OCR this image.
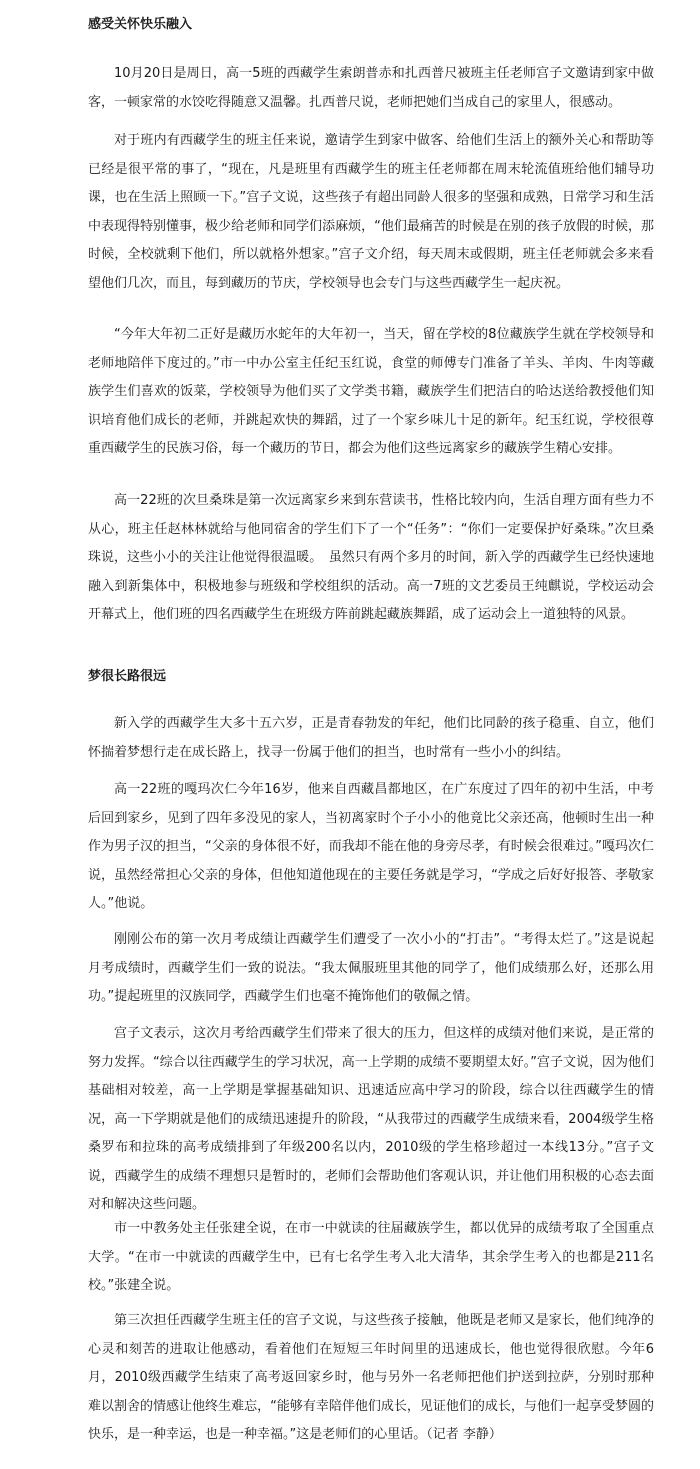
感受关怀快乐融入

10月20日是周日，高一5班的西藏学生索朗普赤和扎西普尺被班主任老师宫子文邀请到家中做客，一顿家常的水饺吃得随意又温馨。扎西普尺说，老师把她们当成自己的家里人，很感动。

对于班内有西藏学生的班主任来说，邀请学生到家中做客、给他们生活上的额外关心和帮助等已经是很平常的事了，“现在，凡是班里有西藏学生的班主任老师都在周末轮流值班给他们辅导功课，也在生活上照顾一下。”宫子文说，这些孩子有超出同龄人很多的坚强和成熟，日常学习和生活中表现得特别懂事，极少给老师和同学们添麻烦，“他们最痛苦的时候是在别的孩子放假的时候，那时候，全校就剩下他们，所以就格外想家。”宫子文介绍，每天周末或假期，班主任老师就会多来看望他们几次，而且，每到藏历的节庆，学校领导也会专门与这些西藏学生一起庆祝。

“今年大年初二正好是藏历水蛇年的大年初一，当天，留在学校的8位藏族学生就在学校领导和老师地陪伴下度过的。”市一中办公室主任纪玉红说，食堂的师傅专门准备了羊头、羊肉、牛肉等藏族学生们喜欢的饭菜，学校领导为他们买了文学类书籍，藏族学生们把洁白的哈达送给教授他们知识培育他们成长的老师，并跳起欢快的舞蹈，过了一个家乡味儿十足的新年。纪玉红说，学校很尊重西藏学生的民族习俗，每一个藏历的节日，都会为他们这些远离家乡的藏族学生精心安排。

高一22班的次旦桑珠是第一次远离家乡来到东营读书，性格比较内向，生活自理方面有些力不从心，班主任赵林林就给与他同宿舍的学生们下了一个“任务”：“你们一定要保护好桑珠。”次旦桑珠说，这些小小的关注让他觉得很温暖。　虽然只有两个多月的时间，新入学的西藏学生已经快速地融入到新集体中，积极地参与班级和学校组织的活动。高一7班的文艺委员王纯麒说，学校运动会开幕式上，他们班的四名西藏学生在班级方阵前跳起藏族舞蹈，成了运动会上一道独特的风景。

梦很长路很远

新入学的西藏学生大多十五六岁，正是青春勃发的年纪，他们比同龄的孩子稳重、自立，他们怀揣着梦想行走在成长路上，找寻一份属于他们的担当，也时常有一些小小的纠结。

高一22班的嘎玛次仁今年16岁，他来自西藏昌都地区，在广东度过了四年的初中生活，中考后回到家乡，见到了四年多没见的家人，当初离家时个子小小的他竟比父亲还高，他顿时生出一种作为男子汉的担当，“父亲的身体很不好，而我却不能在他的身旁尽孝，有时候会很难过。”嘎玛次仁说，虽然经常担心父亲的身体，但他知道他现在的主要任务就是学习，“学成之后好好报答、孝敬家人。”他说。

刚刚公布的第一次月考成绩让西藏学生们遭受了一次小小的“打击”。“考得太烂了。”这是说起月考成绩时，西藏学生们一致的说法。“我太佩服班里其他的同学了，他们成绩那么好，还那么用功。”提起班里的汉族同学，西藏学生们也毫不掩饰他们的敬佩之情。

宫子文表示，这次月考给西藏学生们带来了很大的压力，但这样的成绩对他们来说，是正常的努力发挥。“综合以往西藏学生的学习状况，高一上学期的成绩不要期望太好。”宫子文说，因为他们基础相对较差，高一上学期是掌握基础知识、迅速适应高中学习的阶段，综合以往西藏学生的情况，高一下学期就是他们的成绩迅速提升的阶段，“从我带过的西藏学生成绩来看，2004级学生格桑罗布和拉珠的高考成绩排到了年级200名以内，2010级的学生格珍超过一本线13分。”宫子文说，西藏学生的成绩不理想只是暂时的，老师们会帮助他们客观认识，并让他们用积极的心态去面对和解决这些问题。

市一中教务处主任张建全说，在市一中就读的往届藏族学生，都以优异的成绩考取了全国重点大学。“在市一中就读的西藏学生中，已有七名学生考入北大清华，其余学生考入的也都是211名校。”张建全说。

第三次担任西藏学生班主任的宫子文说，与这些孩子接触，他既是老师又是家长，他们纯净的心灵和刻苦的进取让他感动，看着他们在短短三年时间里的迅速成长，他也觉得很欣慰。今年6月，2010级西藏学生结束了高考返回家乡时，他与另外一名老师把他们护送到拉萨，分别时那种难以割舍的情感让他终生难忘，“能够有幸陪伴他们成长，见证他们的成长，与他们一起享受梦圆的快乐，是一种幸运，也是一种幸福。”这是老师们的心里话。（记者 李静）
